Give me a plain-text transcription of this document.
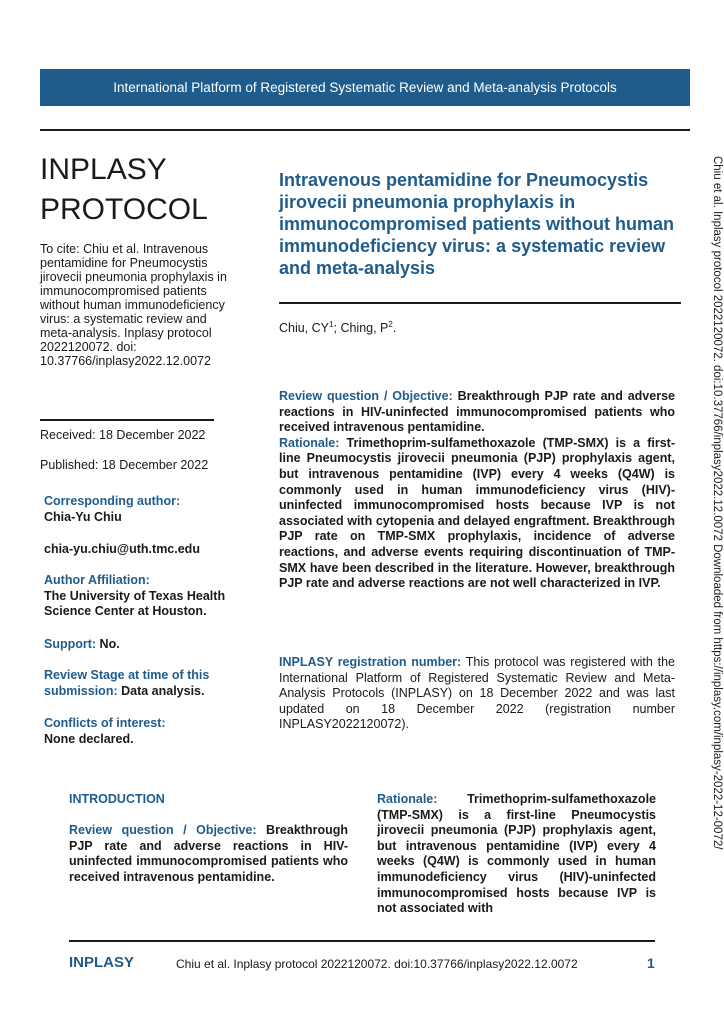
International Platform of Registered Systematic Review and Meta-analysis Protocols
Chiu et al. Inplasy protocol 2022120072. doi:10.37766/inplasy2022.12.0072 Downloaded from https://inplasy.com/inplasy-2022-12-0072/
INPLASY
PROTOCOL
To cite: Chiu et al. Intravenous pentamidine for Pneumocystis jirovecii pneumonia prophylaxis in immunocompromised patients without human immunodeficiency virus: a systematic review and meta-analysis. Inplasy protocol 2022120072. doi: 10.37766/inplasy2022.12.0072
Received: 18 December 2022
Published: 18 December 2022
Corresponding author:
Chia-Yu Chiu
chia-yu.chiu@uth.tmc.edu
Author Affiliation:
The University of Texas Health Science Center at Houston.
Support: No.
Review Stage at time of this submission: Data analysis.
Conflicts of interest:
None declared.
Intravenous pentamidine for Pneumocystis jirovecii pneumonia prophylaxis in immunocompromised patients without human immunodeficiency virus: a systematic review and meta-analysis
Chiu, $CY^1$; Ching, $P^2$.

Review question / Objective: Breakthrough PJP rate and adverse reactions in HIV-uninfected immunocompromised patients who received intravenous pentamidine.

Rationale: Trimethoprim-sulfamethoxazole (TMP-SMX) is a first-line Pneumocystis jirovecii pneumonia (PJP) prophylaxis agent, but intravenous pentamidine (IVP) every 4 weeks (Q4W) is commonly used in human immunodeficiency virus (HIV)-uninfected immunocompromised hosts because IVP is not associated with cytopenia and delayed engraftment. Breakthrough PJP rate on TMP-SMX prophylaxis, incidence of adverse reactions, and adverse events requiring discontinuation of TMP-SMX have been described in the literature. However, breakthrough PJP rate and adverse reactions are not well characterized in IVP.

INPLASY registration number: This protocol was registered with the International Platform of Registered Systematic Review and Meta-Analysis Protocols (INPLASY) on 18 December 2022 and was last updated on 18 December 2022 (registration number INPLASY2022120072).
INTRODUCTION
Review question / Objective: Breakthrough PJP rate and adverse reactions in HIV-uninfected immunocompromised patients who received intravenous pentamidine.
Rationale: Trimethoprim-sulfamethoxazole (TMP-SMX) is a first-line Pneumocystis jirovecii pneumonia (PJP) prophylaxis agent, but intravenous pentamidine (IVP) every 4 weeks (Q4W) is commonly used in human immunodeficiency virus (HIV)-uninfected immunocompromised hosts because IVP is not associated with
INPLASY	Chiu et al. Inplasy protocol 2022120072. doi:10.37766/inplasy2022.12.0072	1
